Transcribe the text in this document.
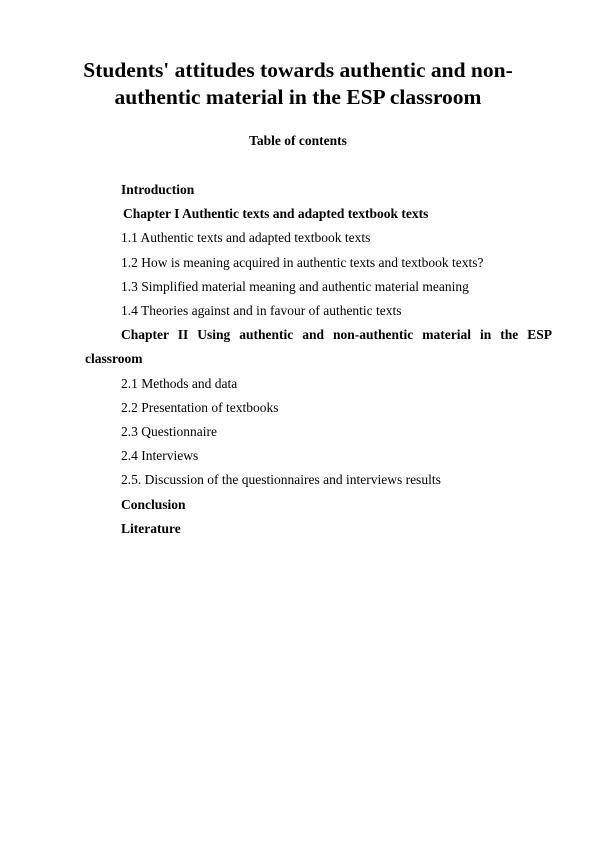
Students' attitudes towards authentic and non-authentic material in the ESP classroom
Table of contents
Introduction
Chapter I Authentic texts and adapted textbook texts
1.1 Authentic texts and adapted textbook texts
1.2 How is meaning acquired in authentic texts and textbook texts?
1.3 Simplified material meaning and authentic material meaning
1.4 Theories against and in favour of authentic texts
Chapter II Using authentic and non-authentic material in the ESP classroom
2.1 Methods and data
2.2 Presentation of textbooks
2.3 Questionnaire
2.4 Interviews
2.5. Discussion of the questionnaires and interviews results
Conclusion
Literature
